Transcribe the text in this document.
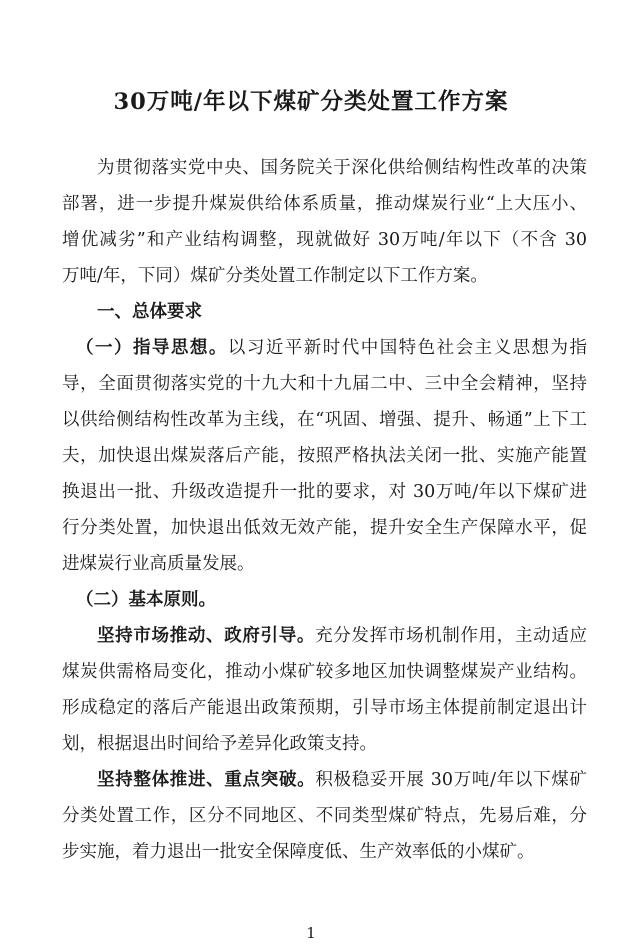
30万吨/年以下煤矿分类处置工作方案
为贯彻落实党中央、国务院关于深化供给侧结构性改革的决策
部署，进一步提升煤炭供给体系质量，推动煤炭行业“上大压小、
增优减劣”和产业结构调整，现就做好 30万吨/年以下（不含 30
万吨/年，下同）煤矿分类处置工作制定以下工作方案。
一、总体要求
（一）指导思想。以习近平新时代中国特色社会主义思想为指
导，全面贯彻落实党的十九大和十九届二中、三中全会精神，坚持
以供给侧结构性改革为主线，在“巩固、增强、提升、畅通”上下工
夫，加快退出煤炭落后产能，按照严格执法关闭一批、实施产能置
换退出一批、升级改造提升一批的要求，对 30万吨/年以下煤矿进
行分类处置，加快退出低效无效产能，提升安全生产保障水平，促
进煤炭行业高质量发展。
（二）基本原则。
坚持市场推动、政府引导。充分发挥市场机制作用，主动适应
煤炭供需格局变化，推动小煤矿较多地区加快调整煤炭产业结构。
形成稳定的落后产能退出政策预期，引导市场主体提前制定退出计
划，根据退出时间给予差异化政策支持。
坚持整体推进、重点突破。积极稳妥开展 30万吨/年以下煤矿
分类处置工作，区分不同地区、不同类型煤矿特点，先易后难，分
步实施，着力退出一批安全保障度低、生产效率低的小煤矿。
1
